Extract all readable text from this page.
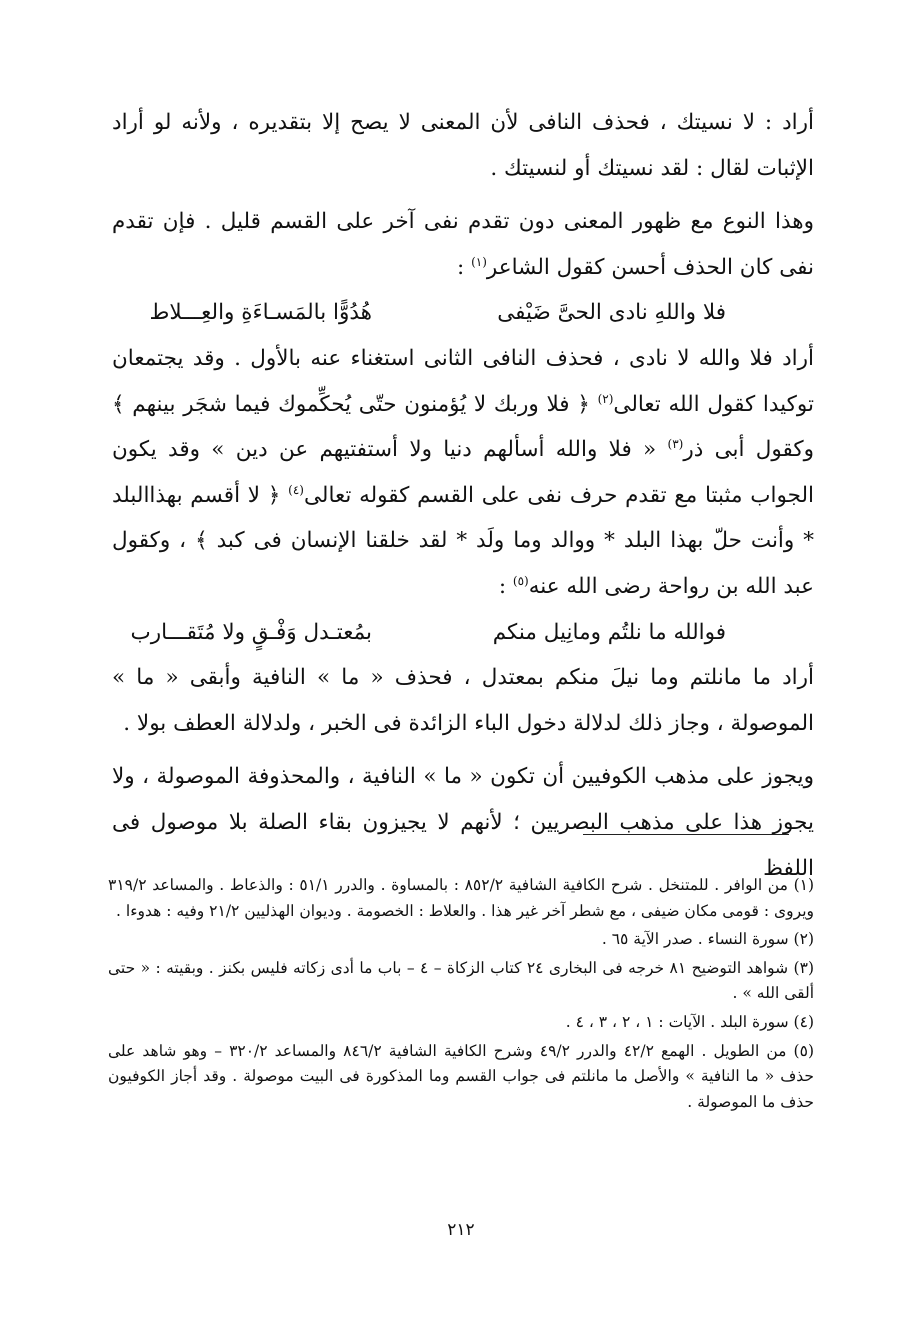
أراد : لا نسيتك ، فحذف النافى لأن المعنى لا يصح إلا بتقديره ، ولأنه لو أراد الإثبات لقال : لقد نسيتك أو لنسيتك .

وهذا النوع مع ظهور المعنى دون تقدم نفى آخر على القسم قليل . فإن تقدم نفى كان الحذف أحسن كقول الشاعر$^{(١)}$ :

فلا واللهِ نادى الحىَّ ضَيْفى
هُدُوًّا بالمَسـاءَةِ والعِـــلاط

أراد فلا والله لا نادى ، فحذف النافى الثانى استغناء عنه بالأول . وقد يجتمعان توكيدا كقول الله تعالى$^{(٢)}$ ﴿ فلا وربك لا يُؤمنون حتّى يُحكِّموك فيما شجَر بينهم ﴾ وكقول أبى ذر$^{(٣)}$ « فلا والله أسألهم دنيا ولا أستفتيهم عن دين » وقد يكون الجواب مثبتا مع تقدم حرف نفى على القسم كقوله تعالى$^{(٤)}$ ﴿ لا أقسم بهذاالبلد * وأنت حلّ بهذا البلد * ووالد وما ولَد * لقد خلقنا الإنسان فى كبد ﴾ ، وكقول عبد الله بن رواحة رضى الله عنه$^{(٥)}$ :

فوالله ما نلتُم ومانِيل منكم
بمُعتـدل وَفْـقٍ ولا مُتَقـــارب

أراد ما مانلتم وما نيلَ منكم بمعتدل ، فحذف « ما » النافية وأبقى « ما » الموصولة ، وجاز ذلك لدلالة دخول الباء الزائدة فى الخبر ، ولدلالة العطف بولا .

ويجوز على مذهب الكوفيين أن تكون « ما » النافية ، والمحذوفة الموصولة ، ولا يجوز هذا على مذهب البصريين ؛ لأنهم لا يجيزون بقاء الصلة بلا موصول فى اللفظ

(١) من الوافر . للمتنخل . شرح الكافية الشافية ٨٥٢/٢ : بالمساوة . والدرر ٥١/١ : والذعاط . والمساعد ٣١٩/٢ ويروى : قومى مكان ضيفى ، مع شطر آخر غير هذا . والعلاط : الخصومة . وديوان الهذليين ٢١/٢ وفيه : هدوءا .

(٢) سورة النساء . صدر الآية ٦٥ .

(٣) شواهد التوضيح ٨١ خرجه فى البخارى ٢٤ كتاب الزكاة – ٤ – باب ما أدى زكاته فليس بكنز . وبقيته : « حتى ألقى الله » .

(٤) سورة البلد . الآيات : ١ ، ٢ ، ٣ ، ٤ .

(٥) من الطويل . الهمع ٤٢/٢ والدرر ٤٩/٢ وشرح الكافية الشافية ٨٤٦/٢ والمساعد ٣٢٠/٢ – وهو شاهد على حذف « ما النافية » والأصل ما مانلتم فى جواب القسم وما المذكورة فى البيت موصولة . وقد أجاز الكوفيون حذف ما الموصولة .

٢١٢
